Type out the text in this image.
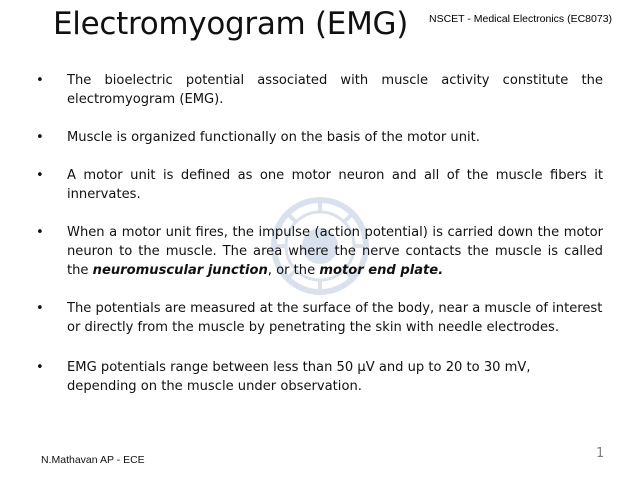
Electromyogram (EMG) NSCET - Medical Electronics (EC8073)
• The bioelectric potential associated with muscle activity constitute the electromyogram (EMG).
• Muscle is organized functionally on the basis of the motor unit.
• A motor unit is defined as one motor neuron and all of the muscle fibers it innervates.
• When a motor unit fires, the impulse (action potential) is carried down the motor neuron to the muscle. The area where the nerve contacts the muscle is called the neuromuscular junction, or the motor end plate.
• The potentials are measured at the surface of the body, near a muscle of interest or directly from the muscle by penetrating the skin with needle electrodes.
• EMG potentials range between less than 50 µV and up to 20 to 30 mV, depending on the muscle under observation.
N.Mathavan AP - ECE	1
